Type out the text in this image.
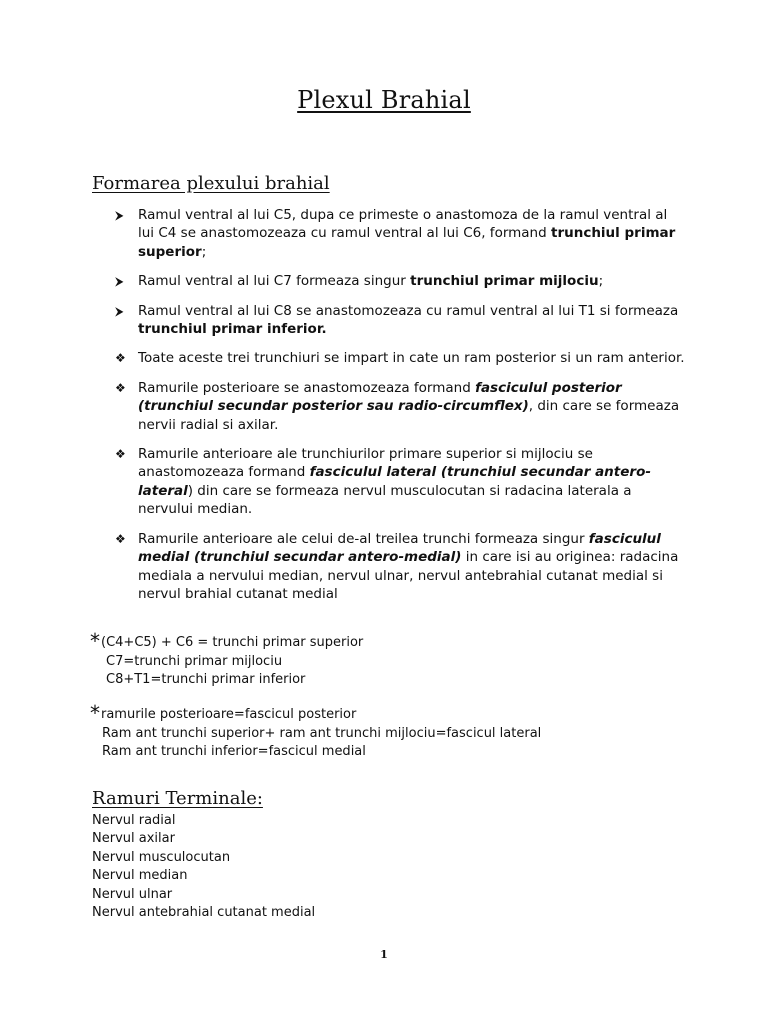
Plexul Brahial
Formarea plexului brahial
⮞ Ramul ventral al lui C5, dupa ce primeste o anastomoza de la ramul ventral al lui C4 se anastomozeaza cu ramul ventral al lui C6, formand trunchiul primar superior;
⮞ Ramul ventral al lui C7 formeaza singur trunchiul primar mijlociu;
⮞ Ramul ventral al lui C8 se anastomozeaza cu ramul ventral al lui T1 si formeaza trunchiul primar inferior.
❖ Toate aceste trei trunchiuri se impart in cate un ram posterior si un ram anterior.
❖ Ramurile posterioare se anastomozeaza formand fasciculul posterior (trunchiul secundar posterior sau radio-circumflex), din care se formeaza nervii radial si axilar.
❖ Ramurile anterioare ale trunchiurilor primare superior si mijlociu se anastomozeaza formand fasciculul lateral (trunchiul secundar antero-lateral) din care se formeaza nervul musculocutan si radacina laterala a nervului median.
❖ Ramurile anterioare ale celui de-al treilea trunchi formeaza singur fasciculul medial (trunchiul secundar antero-medial) in care isi au originea: radacina mediala a nervului median, nervul ulnar, nervul antebrahial cutanat medial si nervul brahial cutanat medial
*(C4+C5) + C6 = trunchi primar superior
C7=trunchi primar mijlociu
C8+T1=trunchi primar inferior
*ramurile posterioare=fascicul posterior
Ram ant trunchi superior+ ram ant trunchi mijlociu=fascicul lateral
Ram ant trunchi inferior=fascicul medial
Ramuri Terminale:
Nervul radial
Nervul axilar
Nervul musculocutan
Nervul median
Nervul ulnar
Nervul antebrahial cutanat medial
1
